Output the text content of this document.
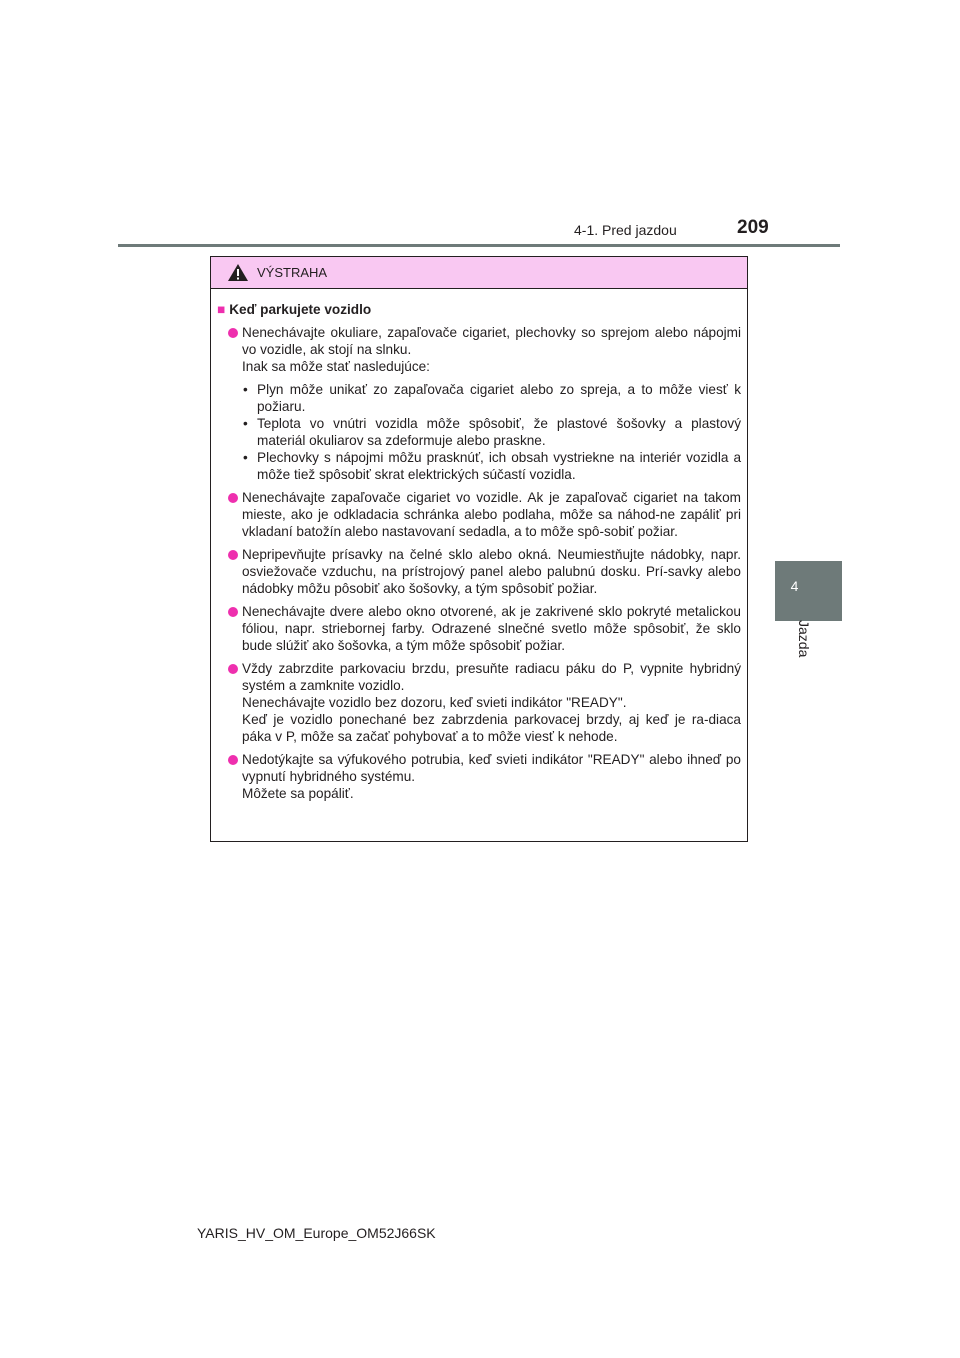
4-1. Pred jazdou	209
4
Jazda
VÝSTRAHA
■ Keď parkujete vozidlo
Nenechávajte okuliare, zapaľovače cigariet, plechovky so sprejom alebo nápojmi vo vozidle, ak stojí na slnku.
Inak sa môže stať nasledujúce:
• Plyn môže unikať zo zapaľovača cigariet alebo zo spreja, a to môže viesť k požiaru.
• Teplota vo vnútri vozidla môže spôsobiť, že plastové šošovky a plastový materiál okuliarov sa zdeformuje alebo praskne.
• Plechovky s nápojmi môžu prasknúť, ich obsah vystriekne na interiér vozidla a môže tiež spôsobiť skrat elektrických súčastí vozidla.
Nenechávajte zapaľovače cigariet vo vozidle. Ak je zapaľovač cigariet na takom mieste, ako je odkladacia schránka alebo podlaha, môže sa náhod-ne zapáliť pri vkladaní batožín alebo nastavovaní sedadla, a to môže spô-sobiť požiar.
Nepripevňujte prísavky na čelné sklo alebo okná. Neumiestňujte nádobky, napr. osviežovače vzduchu, na prístrojový panel alebo palubnú dosku. Prí-savky alebo nádobky môžu pôsobiť ako šošovky, a tým spôsobiť požiar.
Nenechávajte dvere alebo okno otvorené, ak je zakrivené sklo pokryté metalickou fóliou, napr. striebornej farby. Odrazené slnečné svetlo môže spôsobiť, že sklo bude slúžiť ako šošovka, a tým môže spôsobiť požiar.
Vždy zabrzdite parkovaciu brzdu, presuňte radiacu páku do P, vypnite hybridný systém a zamknite vozidlo.
Nenechávajte vozidlo bez dozoru, keď svieti indikátor "READY".
Keď je vozidlo ponechané bez zabrzdenia parkovacej brzdy, aj keď je ra-diaca páka v P, môže sa začať pohybovať a to môže viesť k nehode.
Nedotýkajte sa výfukového potrubia, keď svieti indikátor "READY" alebo ihneď po vypnutí hybridného systému.
Môžete sa popáliť.
YARIS_HV_OM_Europe_OM52J66SK
